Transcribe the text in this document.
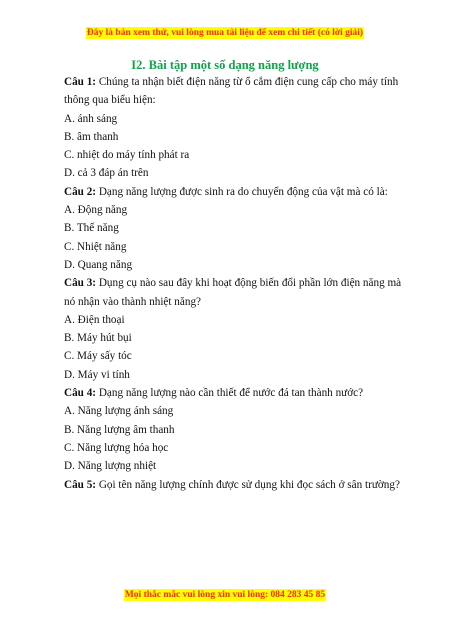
Đây là bản xem thử, vui lòng mua tài liệu để xem chi tiết (có lời giải)
I2. Bài tập một số dạng năng lượng

Câu 1: Chúng ta nhận biết điện năng từ ổ cắm điện cung cấp cho máy tính

thông qua biểu hiện:

A. ánh sáng

B. âm thanh

C. nhiệt do máy tính phát ra

D. cả 3 đáp án trên

Câu 2: Dạng năng lượng được sinh ra do chuyển động của vật mà có là:

A. Động năng

B. Thế năng

C. Nhiệt năng

D. Quang năng

Câu 3: Dụng cụ nào sau đây khi hoạt động biến đổi phần lớn điện năng mà

nó nhận vào thành nhiệt năng?

A. Điện thoại

B. Máy hút bụi

C. Máy sấy tóc

D. Máy vi tính

Câu 4: Dạng năng lượng nào cần thiết để nước đá tan thành nước?

A. Năng lượng ánh sáng

B. Năng lượng âm thanh

C. Năng lượng hóa học

D. Năng lượng nhiệt

Câu 5: Gọi tên năng lượng chính được sử dụng khi đọc sách ở sân trường?

Mọi thắc mắc vui lòng xin vui lòng: 084 283 45 85
